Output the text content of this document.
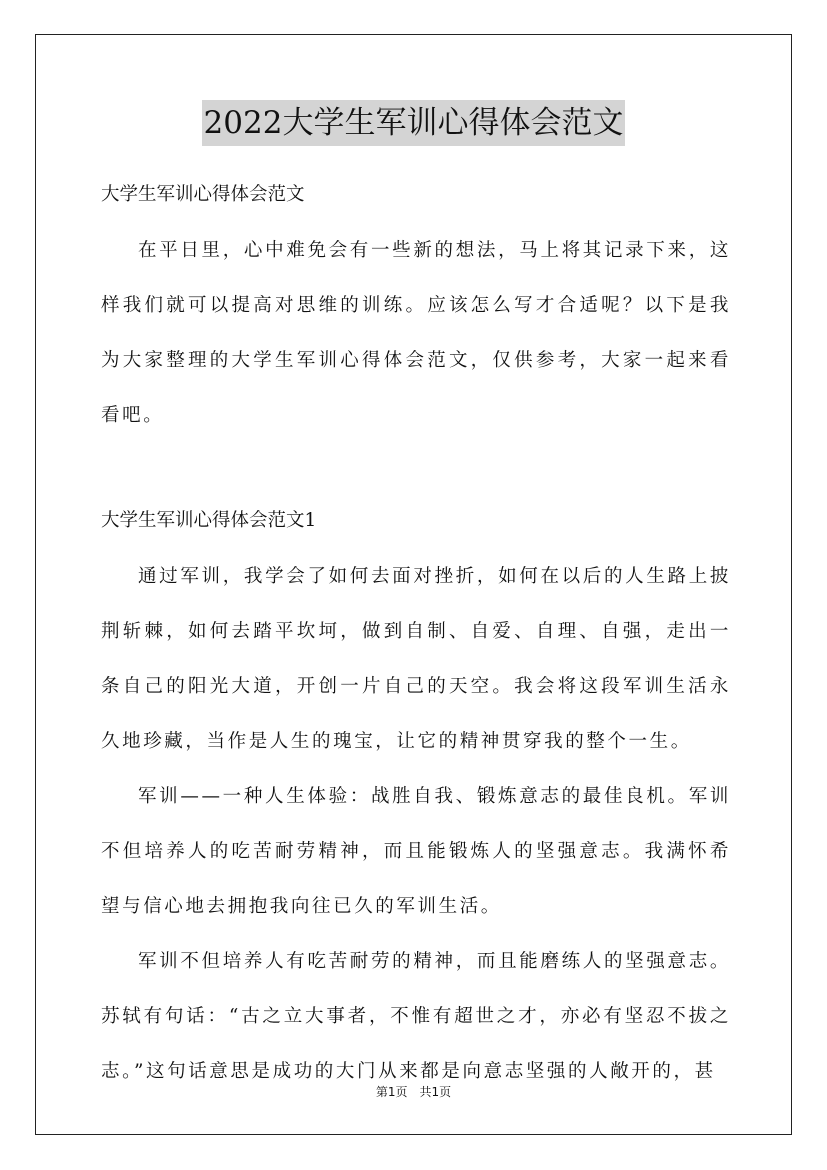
2022大学生军训心得体会范文

大学生军训心得体会范文

在平日里，心中难免会有一些新的想法，马上将其记录下来，这样我们就可以提高对思维的训练。应该怎么写才合适呢？以下是我为大家整理的大学生军训心得体会范文，仅供参考，大家一起来看看吧。

大学生军训心得体会范文1

通过军训，我学会了如何去面对挫折，如何在以后的人生路上披荆斩棘，如何去踏平坎坷，做到自制、自爱、自理、自强，走出一条自己的阳光大道，开创一片自己的天空。我会将这段军训生活永久地珍藏，当作是人生的瑰宝，让它的精神贯穿我的整个一生。

军训——一种人生体验：战胜自我、锻炼意志的最佳良机。军训不但培养人的吃苦耐劳精神，而且能锻炼人的坚强意志。我满怀希望与信心地去拥抱我向往已久的军训生活。

军训不但培养人有吃苦耐劳的精神，而且能磨练人的坚强意志。苏轼有句话：“古之立大事者，不惟有超世之才，亦必有坚忍不拔之志。”这句话意思是成功的大门从来都是向意志坚强的人敞开的，甚

第1页　共1页
